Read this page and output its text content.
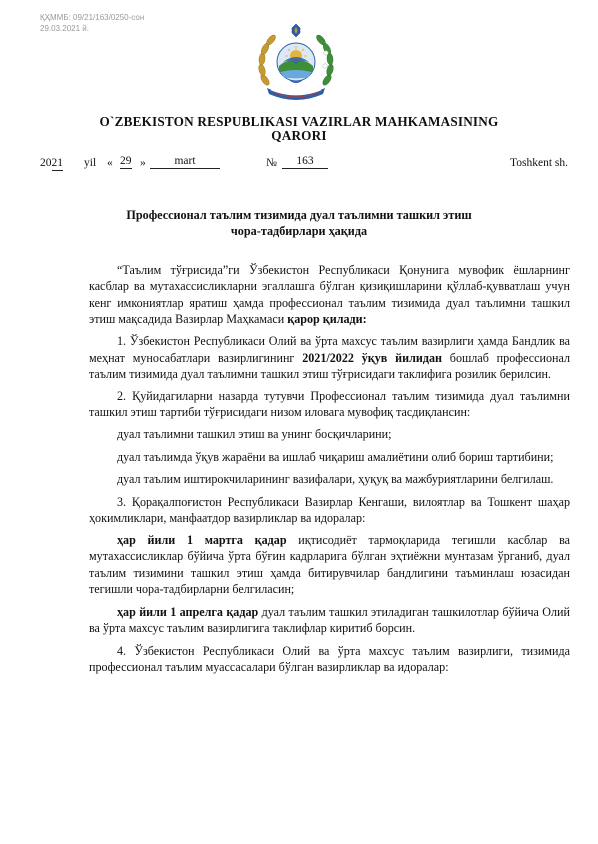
ҚҲММБ: 09/21/163/0250-сон
29.03.2021 й.
O`ZBEKISTON RESPUBLIKASI VAZIRLAR MAHKAMASINING
QARORI
2021 yil « 29 »	mart	№	163	Toshkent sh.
Профессионал таълим тизимида дуал таълимни ташкил этиш
чора-тадбирлари ҳақида

“Таълим тўғрисида”ги Ўзбекистон Республикаси Қонунига мувофик ёшларнинг касблар ва мутахассисликларни эгаллашга бўлган қизиқишларини қўллаб-қувватлаш учун кенг имкониятлар яратиш ҳамда профессионал таълим тизимида дуал таълимни ташкил этиш мақсадида Вазирлар Маҳкамаси қарор қилади:

1. Ўзбекистон Республикаси Олий ва ўрта махсус таълим вазирлиги ҳамда Бандлик ва меҳнат муносабатлари вазирлигининг 2021/2022 ўқув йилидан бошлаб профессионал таълим тизимида дуал таълимни ташкил этиш тўғрисидаги таклифига розилик берилсин.

2. Қуйидагиларни назарда тутувчи Профессионал таълим тизимида дуал таълимни ташкил этиш тартиби тўғрисидаги низом иловага мувофиқ тасдиқлансин:

дуал таълимни ташкил этиш ва унинг босқичларини;

дуал таълимда ўқув жараёни ва ишлаб чиқариш амалиётини олиб бориш тартибини;

дуал таълим иштирокчиларининг вазифалари, ҳуқуқ ва мажбуриятларини белгилаш.

3. Қорақалпоғистон Республикаси Вазирлар Кенгаши, вилоятлар ва Тошкент шаҳар ҳокимликлари, манфаатдор вазирликлар ва идоралар:

ҳар йили 1 мартга қадар иқтисодиёт тармоқларида тегишли касблар ва мутахассисликлар бўйича ўрта бўғин кадрларига бўлган эҳтиёжни мунтазам ўрганиб, дуал таълим тизимини ташкил этиш ҳамда битирувчилар бандлигини таъминлаш юзасидан тегишли чора-тадбирларни белгиласин;

ҳар йили 1 апрелга қадар дуал таълим ташкил этиладиган ташкилотлар бўйича Олий ва ўрта махсус таълим вазирлигига таклифлар киритиб борсин.

4. Ўзбекистон Республикаси Олий ва ўрта махсус таълим вазирлиги, тизимида профессионал таълим муассасалари бўлган вазирликлар ва идоралар:
